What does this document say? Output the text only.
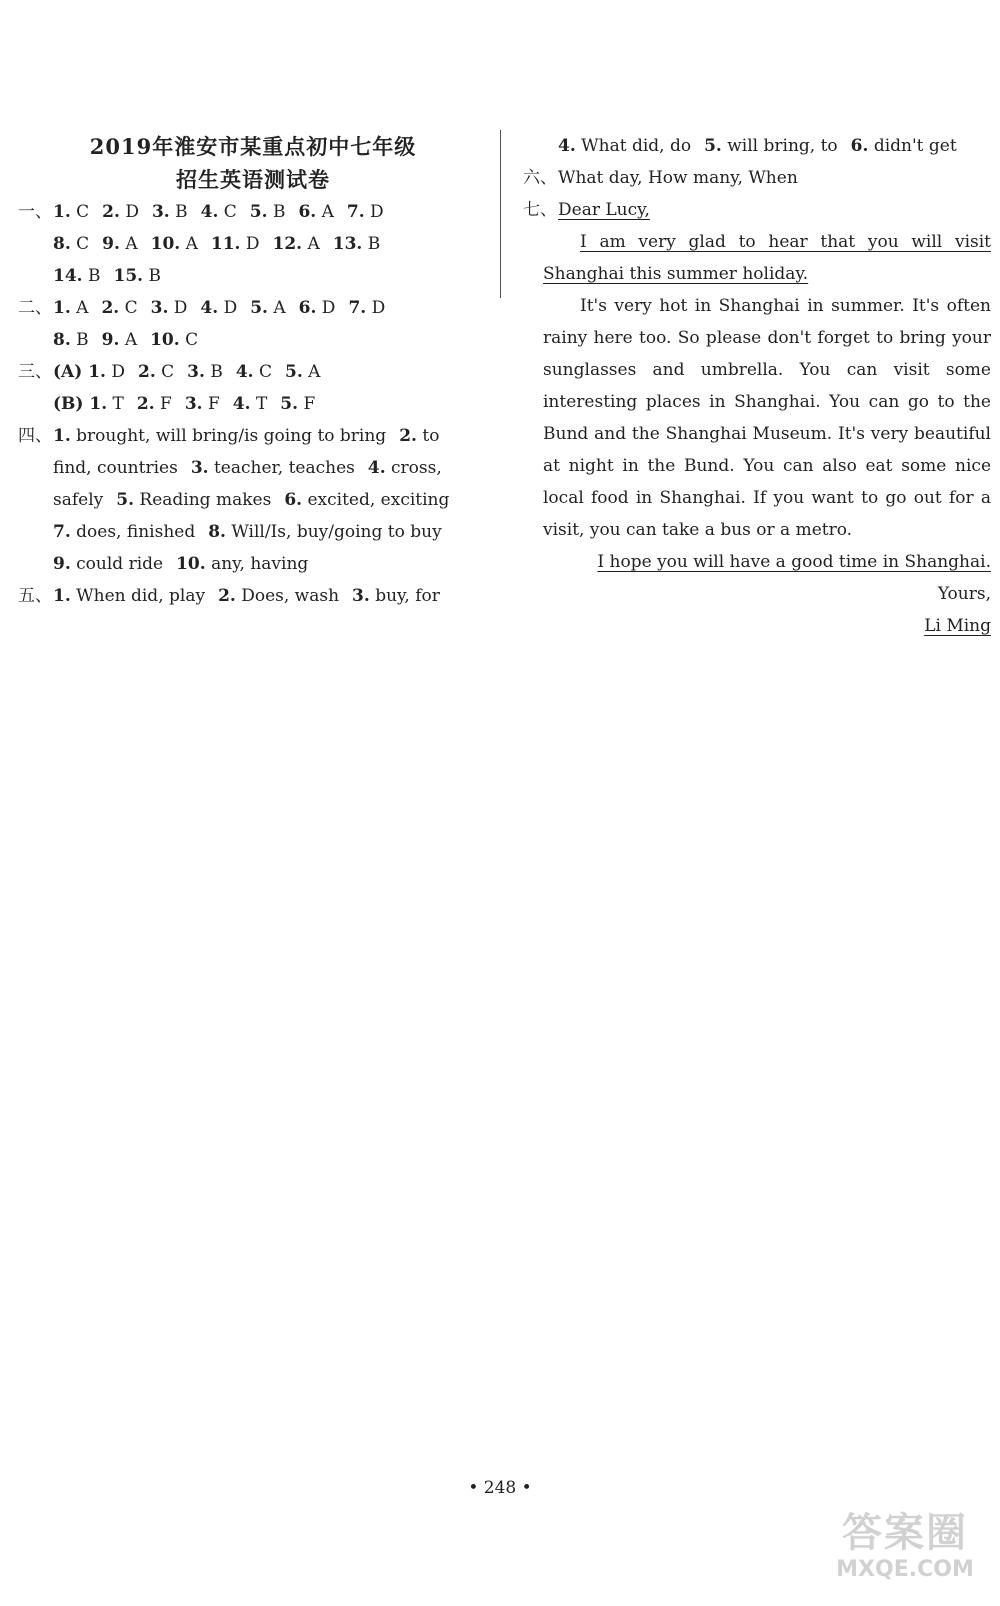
2019年淮安市某重点初中七年级
招生英语测试卷
一、1. C 2. D 3. B 4. C 5. B 6. A 7. D
8. C 9. A 10. A 11. D 12. A 13. B
14. B 15. B
二、1. A 2. C 3. D 4. D 5. A 6. D 7. D
8. B 9. A 10. C
三、(A) 1. D 2. C 3. B 4. C 5. A
(B) 1. T 2. F 3. F 4. T 5. F
四、1. brought, will bring/is going to bring 2. to
find, countries 3. teacher, teaches 4. cross,
safely 5. Reading makes 6. excited, exciting
7. does, finished 8. Will/Is, buy/going to buy
9. could ride 10. any, having
五、1. When did, play 2. Does, wash 3. buy, for
4. What did, do 5. will bring, to 6. didn't get
六、What day, How many, When
七、Dear Lucy,
I am very glad to hear that you will visit Shanghai this summer holiday.
It's very hot in Shanghai in summer. It's often rainy here too. So please don't forget to bring your sunglasses and umbrella. You can visit some interesting places in Shanghai. You can go to the Bund and the Shanghai Museum. It's very beautiful at night in the Bund. You can also eat some nice local food in Shanghai. If you want to go out for a visit, you can take a bus or a metro.
I hope you will have a good time in Shanghai.
Yours,
Li Ming
• 248 •
答案圈
MXQE.COM
